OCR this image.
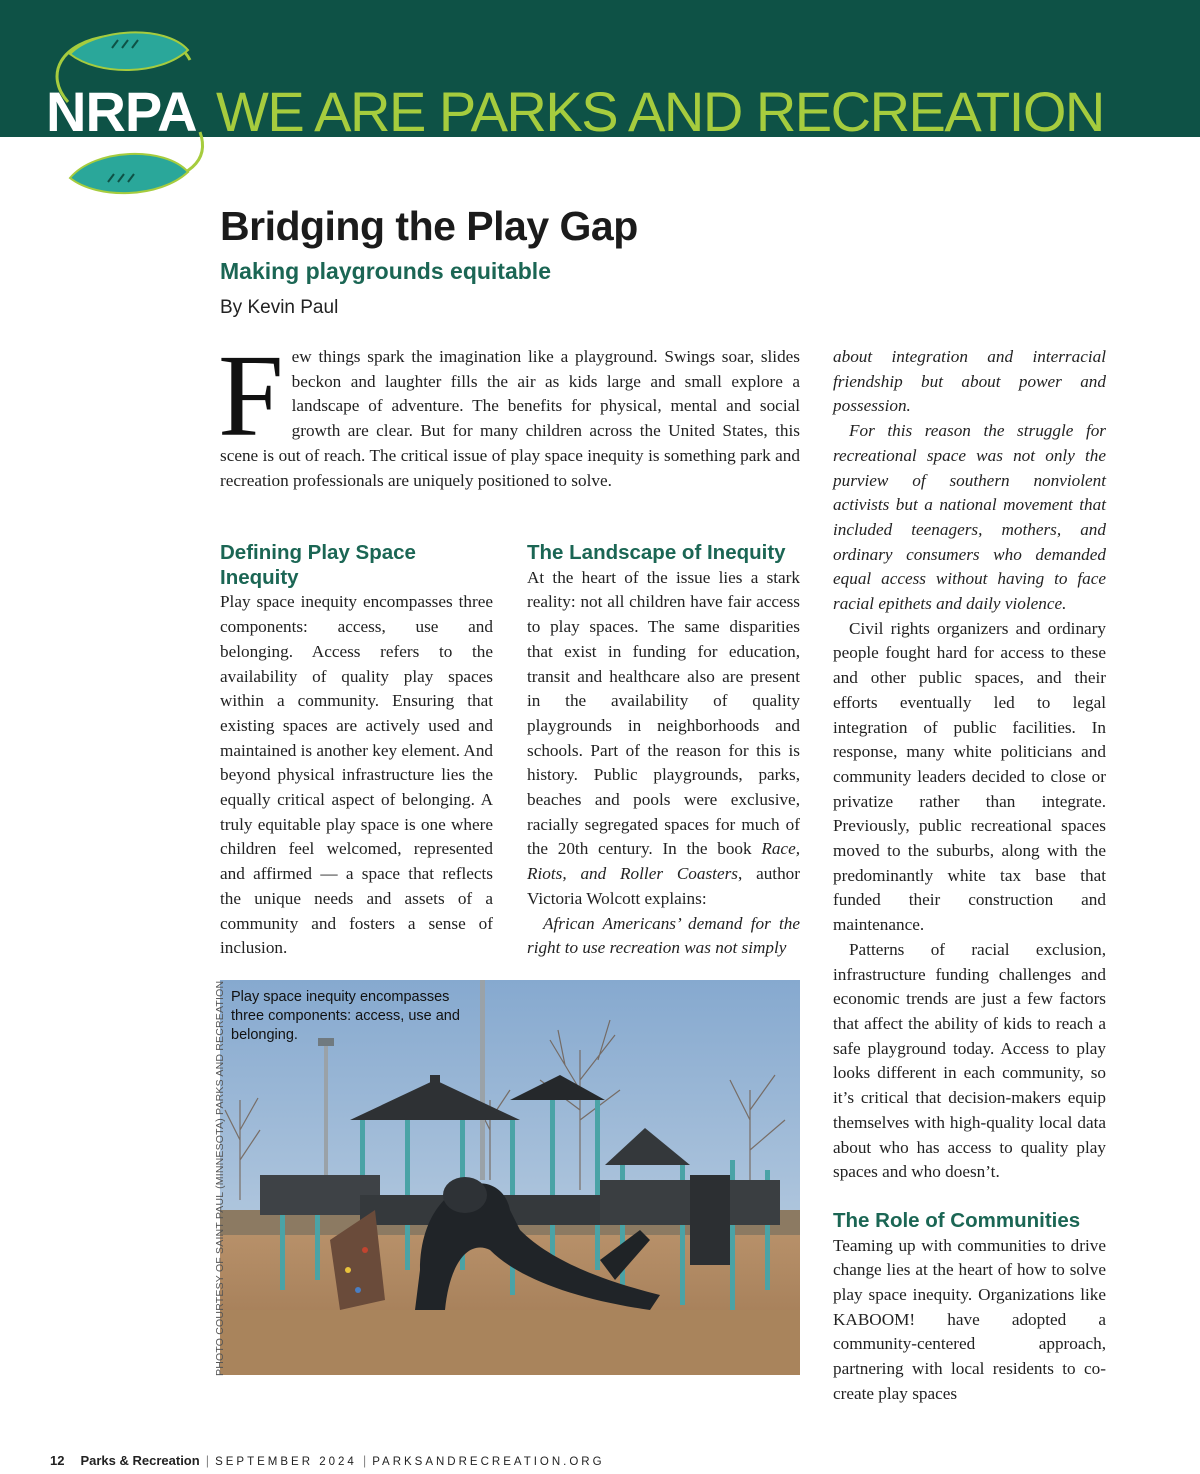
NRPA WE ARE PARKS AND RECREATION
Bridging the Play Gap
Making playgrounds equitable
By Kevin Paul

Few things spark the imagination like a playground. Swings soar, slides beckon and laughter fills the air as kids large and small explore a landscape of adventure. The benefits for physical, mental and social growth are clear. But for many children across the United States, this scene is out of reach. The critical issue of play space inequity is something park and recreation professionals are uniquely positioned to solve.

Defining Play Space Inequity

Play space inequity encompasses three components: access, use and belonging. Access refers to the availability of quality play spaces within a community. Ensuring that existing spaces are actively used and maintained is another key element. And beyond physical infrastructure lies the equally critical aspect of belonging. A truly equitable play space is one where children feel welcomed, represented and affirmed — a space that reflects the unique needs and assets of a community and fosters a sense of inclusion.

The Landscape of Inequity

At the heart of the issue lies a stark reality: not all children have fair access to play spaces. The same disparities that exist in funding for education, transit and healthcare also are present in the availability of quality playgrounds in neighborhoods and schools. Part of the reason for this is history. Public playgrounds, parks, beaches and pools were exclusive, racially segregated spaces for much of the 20th century. In the book Race, Riots, and Roller Coasters, author Victoria Wolcott explains:

African Americans’ demand for the right to use recreation was not simply

about integration and interracial friendship but about power and possession.

For this reason the struggle for recreational space was not only the purview of southern nonviolent activists but a national movement that included teenagers, mothers, and ordinary consumers who demanded equal access without having to face racial epithets and daily violence.

Civil rights organizers and ordinary people fought hard for access to these and other public spaces, and their efforts eventually led to legal integration of public facilities. In response, many white politicians and community leaders decided to close or privatize rather than integrate. Previously, public recreational spaces moved to the suburbs, along with the predominantly white tax base that funded their construction and maintenance.

Patterns of racial exclusion, infrastructure funding challenges and economic trends are just a few factors that affect the ability of kids to reach a safe playground today. Access to play looks different in each community, so it’s critical that decision-makers equip themselves with high-quality local data about who has access to quality play spaces and who doesn’t.

The Role of Communities

Teaming up with communities to drive change lies at the heart of how to solve play space inequity. Organizations like KABOOM! have adopted a community-centered approach, partnering with local residents to co-create play spaces

Play space inequity encompasses three components: access, use and belonging.
PHOTO COURTESY OF SAINT PAUL (MINNESOTA) PARKS AND RECREATION
12 Parks & Recreation | SEPTEMBER 2024 | PARKSANDRECREATION.ORG
